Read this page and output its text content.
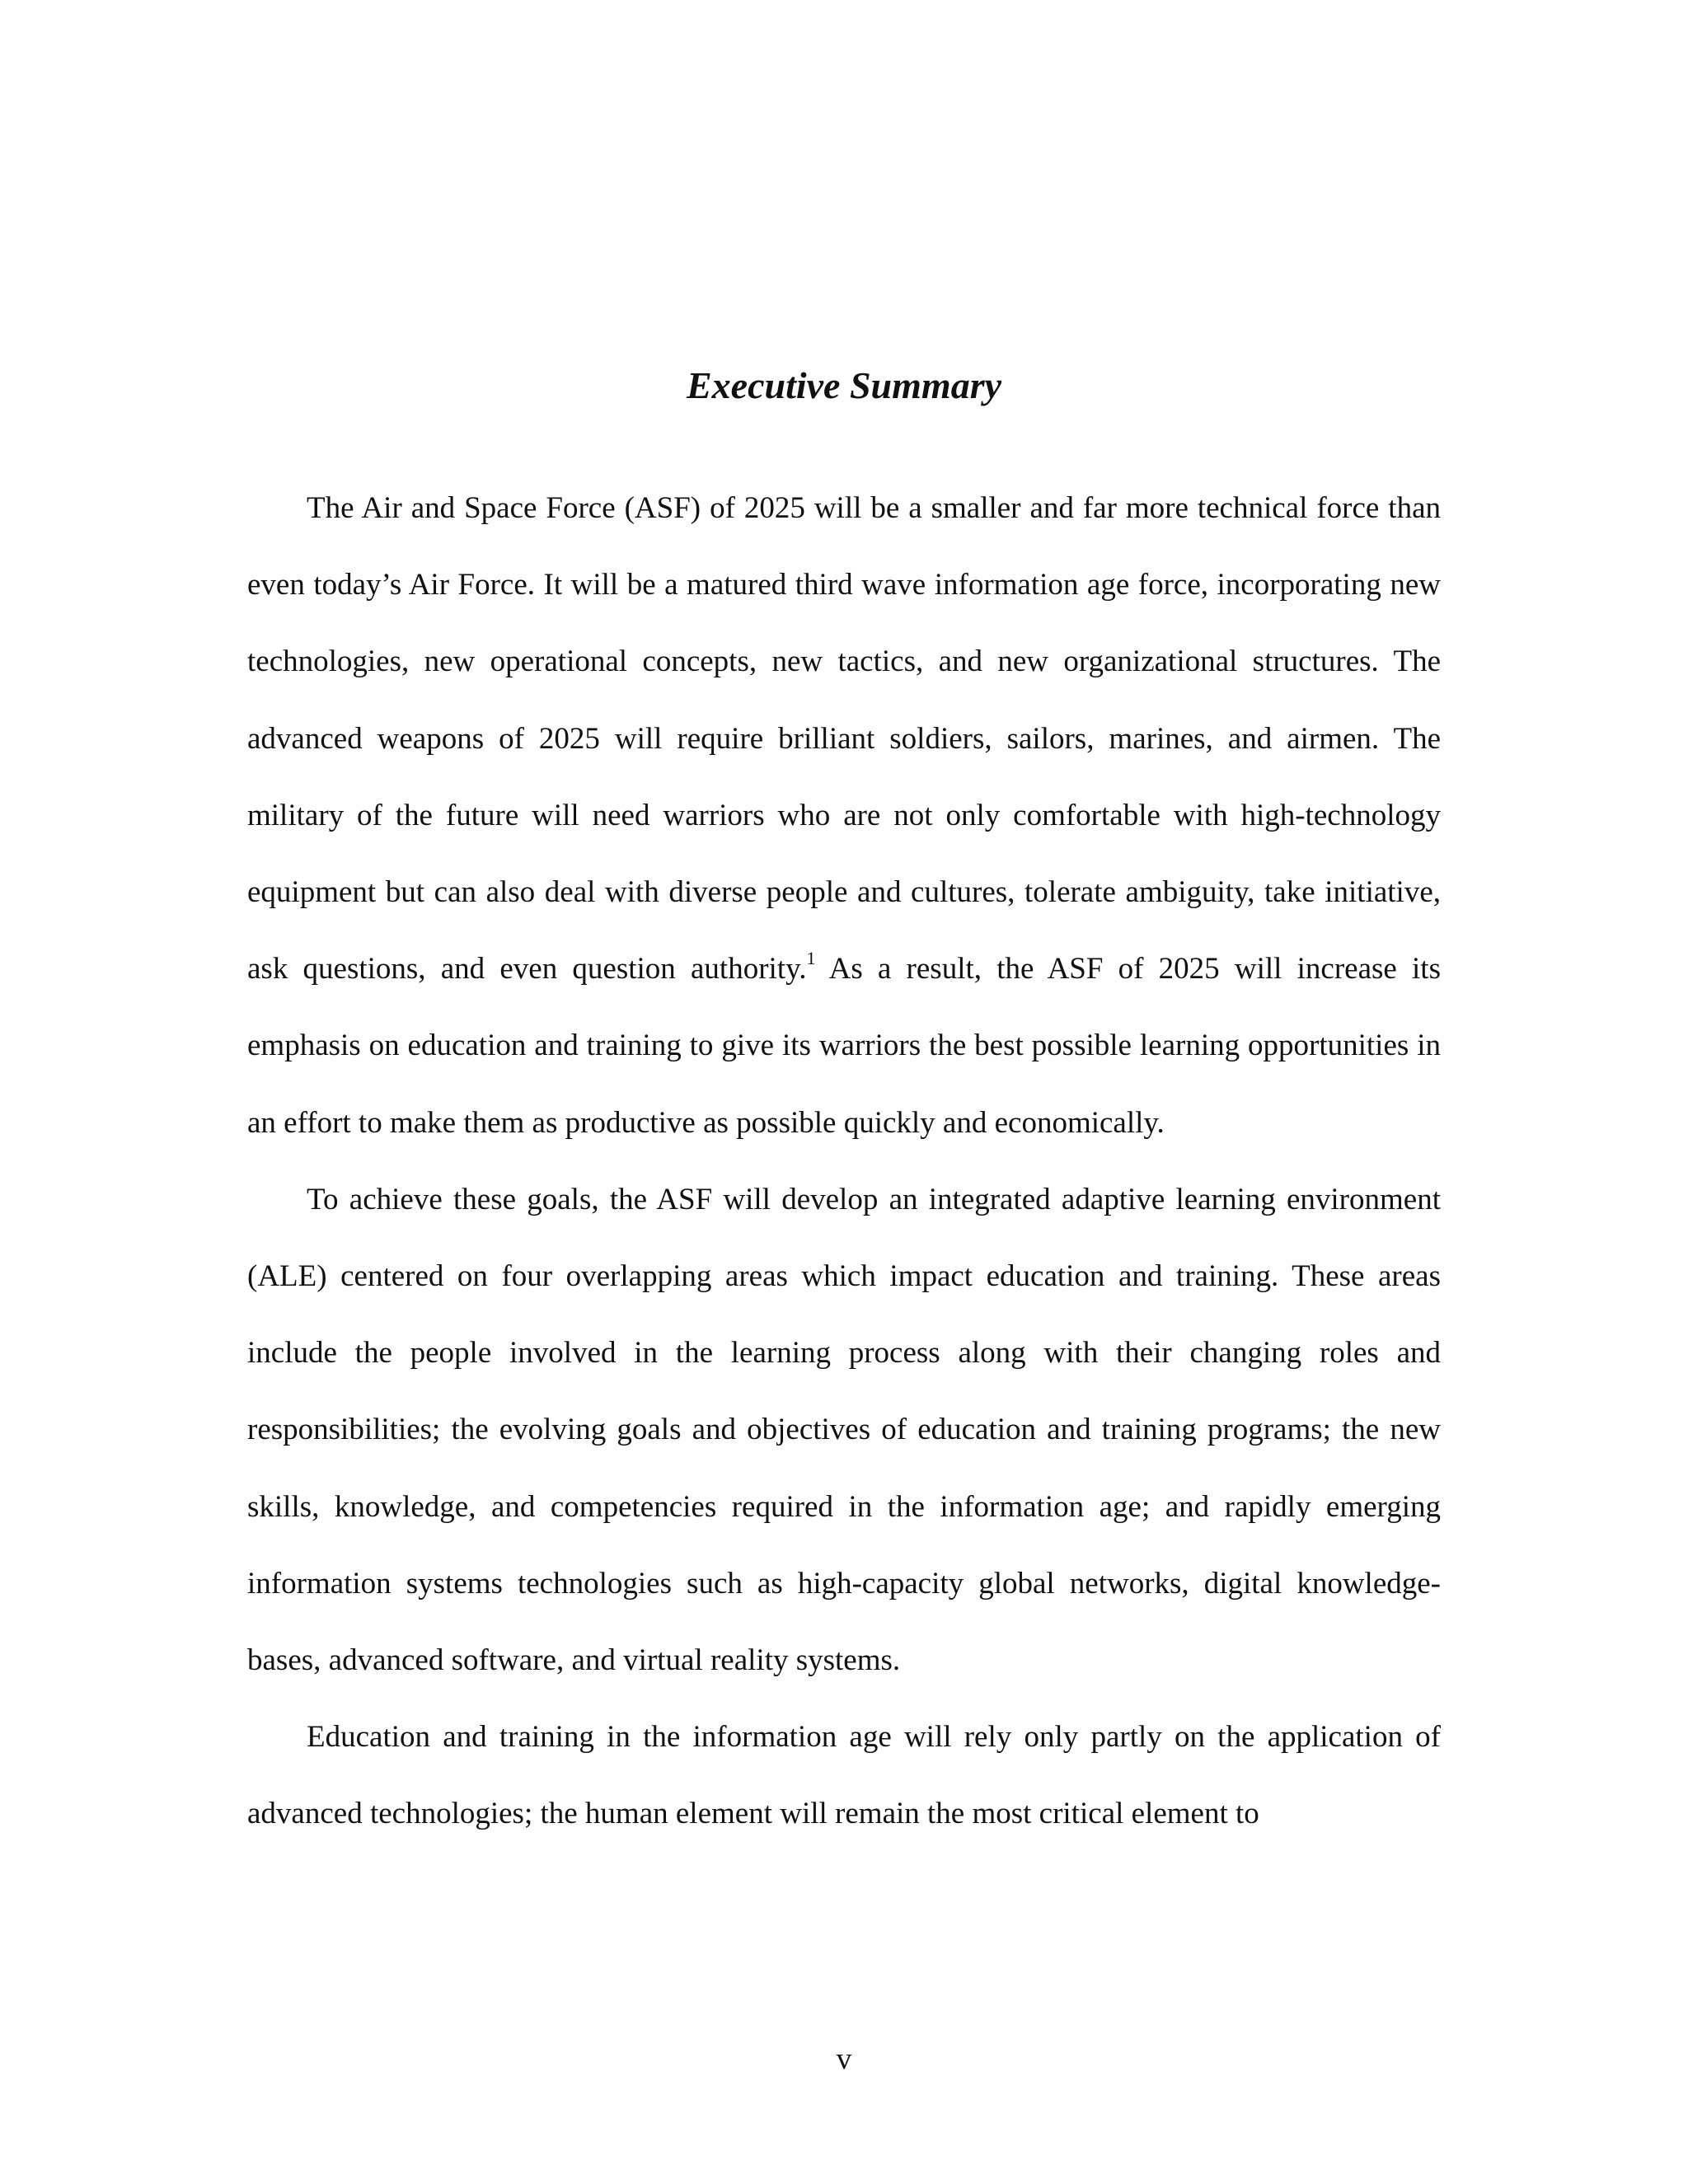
Executive Summary

The Air and Space Force (ASF) of 2025 will be a smaller and far more technical force than even today’s Air Force. It will be a matured third wave information age force, incorporating new technologies, new operational concepts, new tactics, and new organizational structures. The advanced weapons of 2025 will require brilliant soldiers, sailors, marines, and airmen. The military of the future will need warriors who are not only comfortable with high-technology equipment but can also deal with diverse people and cultures, tolerate ambiguity, take initiative, ask questions, and even question authority.$^1$ As a result, the ASF of 2025 will increase its emphasis on education and training to give its warriors the best possible learning opportunities in an effort to make them as productive as possible quickly and economically.

To achieve these goals, the ASF will develop an integrated adaptive learning environment (ALE) centered on four overlapping areas which impact education and training. These areas include the people involved in the learning process along with their changing roles and responsibilities; the evolving goals and objectives of education and training programs; the new skills, knowledge, and competencies required in the information age; and rapidly emerging information systems technologies such as high-capacity global networks, digital knowledge-bases, advanced software, and virtual reality systems.

Education and training in the information age will rely only partly on the application of advanced technologies; the human element will remain the most critical element to

v
